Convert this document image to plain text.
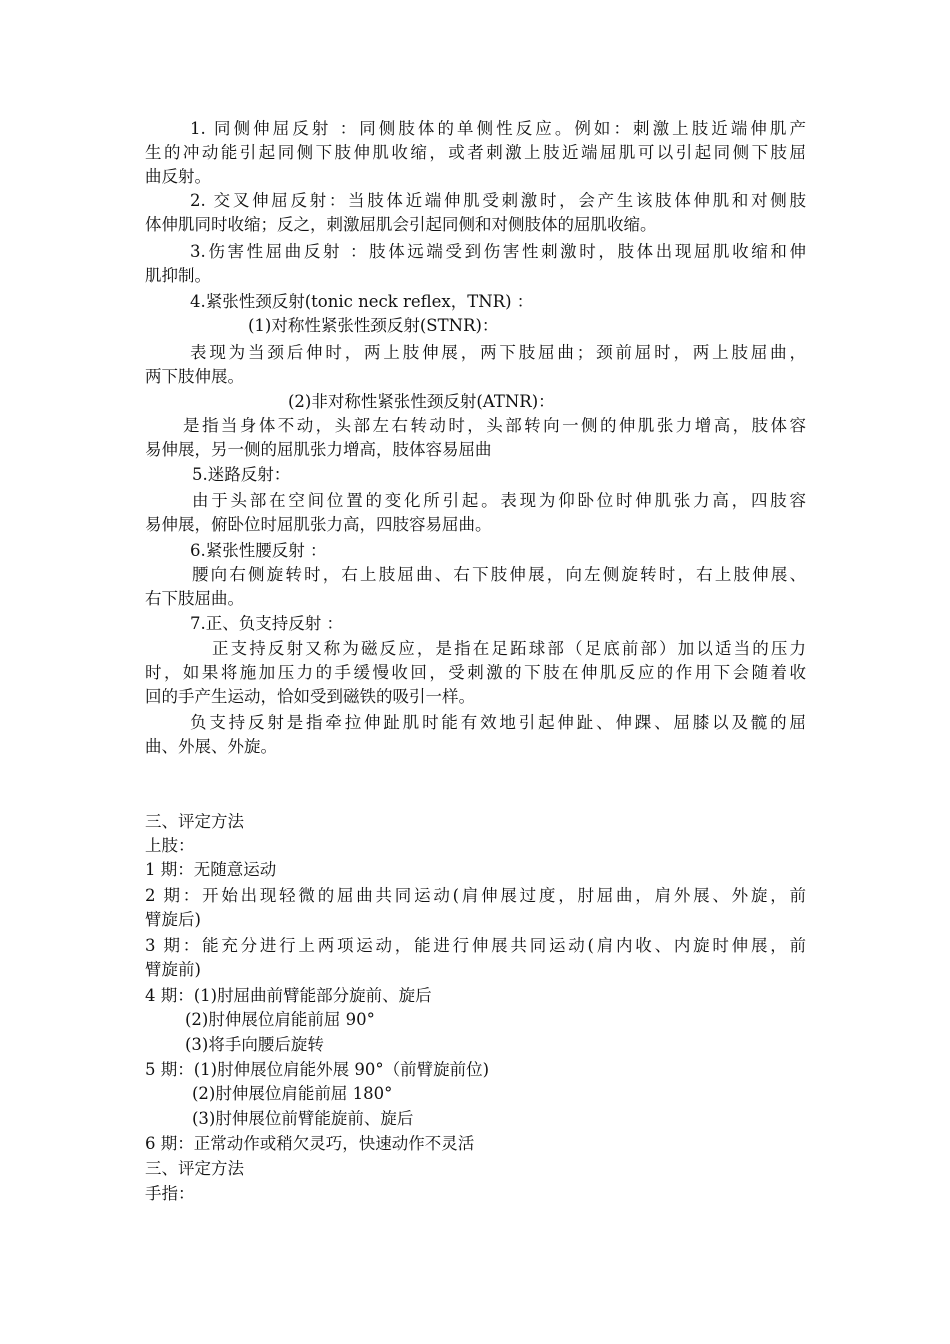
1. 同侧伸屈反射 ：同侧肢体的单侧性反应。例如：刺激上肢近端伸肌产
生的冲动能引起同侧下肢伸肌收缩，或者刺激上肢近端屈肌可以引起同侧下肢屈
曲反射。
2. 交叉伸屈反射：当肢体近端伸肌受刺激时，会产生该肢体伸肌和对侧肢
体伸肌同时收缩；反之，刺激屈肌会引起同侧和对侧肢体的屈肌收缩。
3.伤害性屈曲反射 ：肢体远端受到伤害性刺激时，肢体出现屈肌收缩和伸
肌抑制。
4.紧张性颈反射(tonic neck reflex，TNR) ：
(1)对称性紧张性颈反射(STNR)：
表现为当颈后伸时，两上肢伸展，两下肢屈曲；颈前屈时，两上肢屈曲，
两下肢伸展。
(2)非对称性紧张性颈反射(ATNR)：
是指当身体不动，头部左右转动时，头部转向一侧的伸肌张力增高，肢体容
易伸展，另一侧的屈肌张力增高，肢体容易屈曲
5.迷路反射：
由于头部在空间位置的变化所引起。表现为仰卧位时伸肌张力高，四肢容
易伸展，俯卧位时屈肌张力高，四肢容易屈曲。
6.紧张性腰反射 ：
腰向右侧旋转时，右上肢屈曲、右下肢伸展，向左侧旋转时，右上肢伸展、
右下肢屈曲。
7.正、负支持反射 ：
正支持反射又称为磁反应，是指在足跖球部（足底前部）加以适当的压力
时，如果将施加压力的手缓慢收回，受刺激的下肢在伸肌反应的作用下会随着收
回的手产生运动，恰如受到磁铁的吸引一样。
负支持反射是指牵拉伸趾肌时能有效地引起伸趾、伸踝、屈膝以及髋的屈
曲、外展、外旋。
三、评定方法
上肢：
1 期：无随意运动
2 期：开始出现轻微的屈曲共同运动(肩伸展过度，肘屈曲，肩外展、外旋，前
臂旋后)
3 期：能充分进行上两项运动，能进行伸展共同运动(肩内收、内旋时伸展，前
臂旋前)
4 期：(1)肘屈曲前臂能部分旋前、旋后
(2)肘伸展位肩能前屈 90°
(3)将手向腰后旋转
5 期：(1)肘伸展位肩能外展 90°（前臂旋前位)
(2)肘伸展位肩能前屈 180°
(3)肘伸展位前臂能旋前、旋后
6 期：正常动作或稍欠灵巧，快速动作不灵活
三、评定方法
手指：
